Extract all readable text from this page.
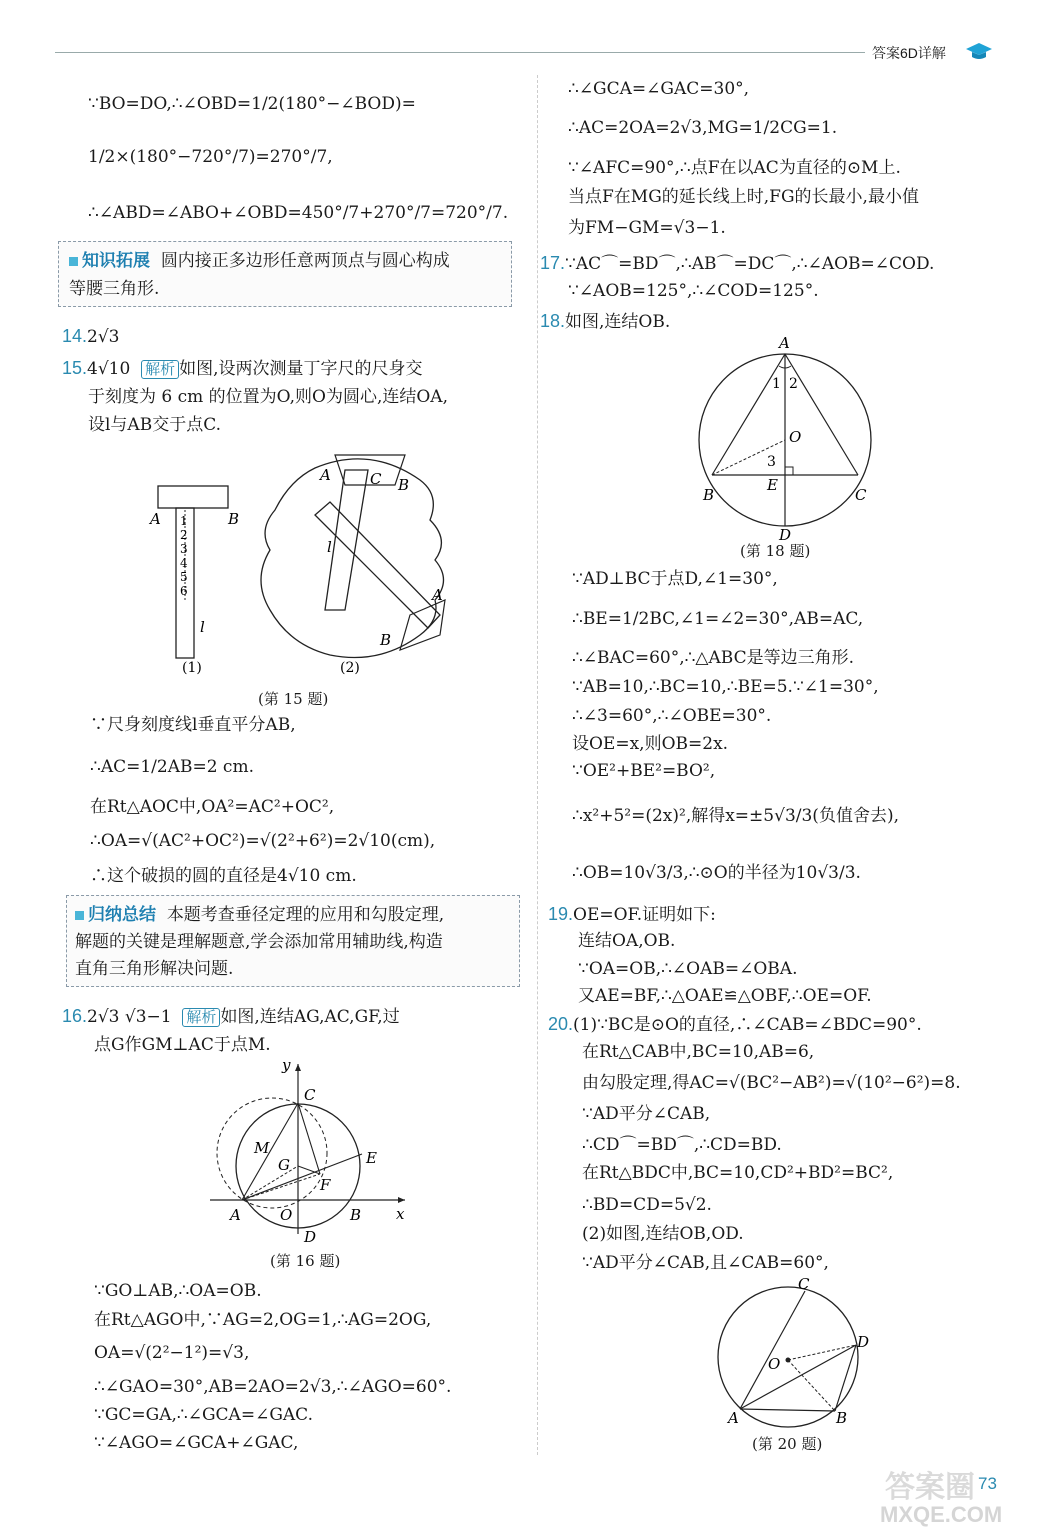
答案6D详解
∵BO=DO,∴∠OBD=1/2(180°−∠BOD)=
1/2×(180°−720°/7)=270°/7,
∴∠ABD=∠ABO+∠OBD=450°/7+270°/7=720°/7.
知识拓展 圆内接正多边形任意两顶点与圆心构成
等腰三角形.
14.2√3
15.4√10 解析 如图,设两次测量丁字尺的尺身交
于刻度为 6 cm 的位置为O,则O为圆心,连结OA,
设l与AB交于点C.
A	B
1
2
3
4
5
6
l
A	C B
l
A
B
(1)	(2)
(第 15 题)
∵尺身刻度线l垂直平分AB,
∴AC=1/2AB=2 cm.
在Rt△AOC中,OA²=AC²+OC²,
∴OA=√(AC²+OC²)=√(2²+6²)=2√10(cm),
∴这个破损的圆的直径是4√10 cm.
归纳总结 本题考查垂径定理的应用和勾股定理,
解题的关键是理解题意,学会添加常用辅助线,构造
直角三角形解决问题.
16.2√3 √3−1 解析 如图,连结AG,AC,GF,过
点G作GM⊥AC于点M.
y
x
C
M
G	E
F
A	O	B
D
(第 16 题)
∵GO⊥AB,∴OA=OB.
在Rt△AGO中,∵AG=2,OG=1,∴AG=2OG,
OA=√(2²−1²)=√3,
∴∠GAO=30°,AB=2AO=2√3,∴∠AGO=60°.
∵GC=GA,∴∠GCA=∠GAC.
∵∠AGO=∠GCA+∠GAC,
∴∠GCA=∠GAC=30°,
∴AC=2OA=2√3,MG=1/2CG=1.
∵∠AFC=90°,∴点F在以AC为直径的⊙M上.
当点F在MG的延长线上时,FG的长最小,最小值
为FM−GM=√3−1.
17.∵AC⌒=BD⌒,∴AB⌒=DC⌒,∴∠AOB=∠COD.
∵∠AOB=125°,∴∠COD=125°.
18.如图,连结OB.
A
1 2
O
3
E
B	C
D
(第 18 题)
∵AD⊥BC于点D,∠1=30°,
∴BE=1/2BC,∠1=∠2=30°,AB=AC,
∴∠BAC=60°,∴△ABC是等边三角形.
∵AB=10,∴BC=10,∴BE=5.∵∠1=30°,
∴∠3=60°,∴∠OBE=30°.
设OE=x,则OB=2x.
∵OE²+BE²=BO²,
∴x²+5²=(2x)²,解得x=±5√3/3(负值舍去),
∴OB=10√3/3,∴⊙O的半径为10√3/3.
19.OE=OF.证明如下:
连结OA,OB.
∵OA=OB,∴∠OAB=∠OBA.
又AE=BF,∴△OAE≌△OBF,∴OE=OF.
20.(1)∵BC是⊙O的直径,∴∠CAB=∠BDC=90°.
在Rt△CAB中,BC=10,AB=6,
由勾股定理,得AC=√(BC²−AB²)=√(10²−6²)=8.
∵AD平分∠CAB,
∴CD⌒=BD⌒,∴CD=BD.
在Rt△BDC中,BC=10,CD²+BD²=BC²,
∴BD=CD=5√2.
(2)如图,连结OB,OD.
∵AD平分∠CAB,且∠CAB=60°,
C
D
O
A	B
(第 20 题)
73
答案圈
MXQE.COM
